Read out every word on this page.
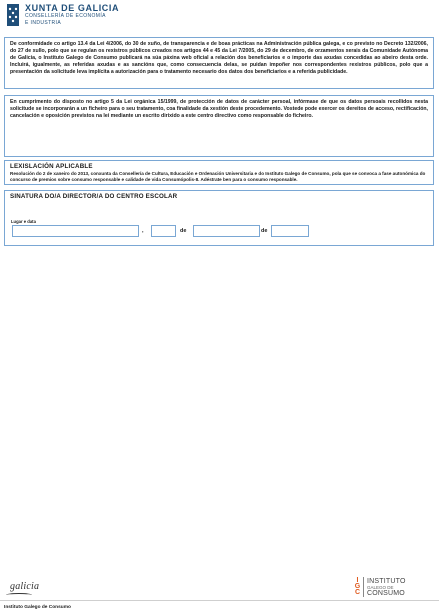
XUNTA DE GALICIA
CONSELLERÍA DE ECONOMÍA
E INDUSTRIA

De conformidade co artigo 13.4 da Lei 4/2006, do 30 de xuño, de transparencia e de boas prácticas na Administración pública galega, e co previsto no Decreto 132/2006, do 27 de xullo, polo que se regulan os rexistros públicos creados nos artigos 44 e 45 da Lei 7/2005, do 29 de decembro, de orzamentos xerais da Comunidade Autónoma de Galicia, o Instituto Galego de Consumo publicará na súa páxina web oficial a relación dos beneficiarios e o importe das axudas concedidas ao abeiro desta orde. Incluirá, igualmente, as referidas axudas e as sancións que, como consecuencia delas, se puidan impoñer nos correspondentes rexistros públicos, polo que a presentación da solicitude leva implícita a autorización para o tratamento necesario dos datos dos beneficiarios e a referida publicidade.

En cumprimento do disposto no artigo 5 da Lei orgánica 15/1999, de protección de datos de carácter persoal, infórmase de que os datos persoais recollidos nesta solicitude se incorporarán a un ficheiro para o seu tratamento, coa finalidade da xestión deste procedemento. Vostede pode exercer os dereitos de acceso, rectificación, cancelación e oposición previstos na lei mediante un escrito dirixido a este centro directivo como responsable do ficheiro.

LEXISLACIÓN APLICABLE

Resolución do 2 de xaneiro do 2013, conxunta da Consellería de Cultura, Educación e Ordenación Universitaria e do Instituto Galego de Consumo, pola que se convoca a fase autonómica do concurso de premios sobre consumo responsable e calidade de vida Consumópolis-8. Adéstrate ben para o consumo responsable.

SINATURA DO/A DIRECTOR/A DO CENTRO ESCOLAR
Lugar e data
,	de	de
galicia
I
G
C
INSTITUTO
GALEGO DE
CONSUMO
Instituto Galego de Consumo
